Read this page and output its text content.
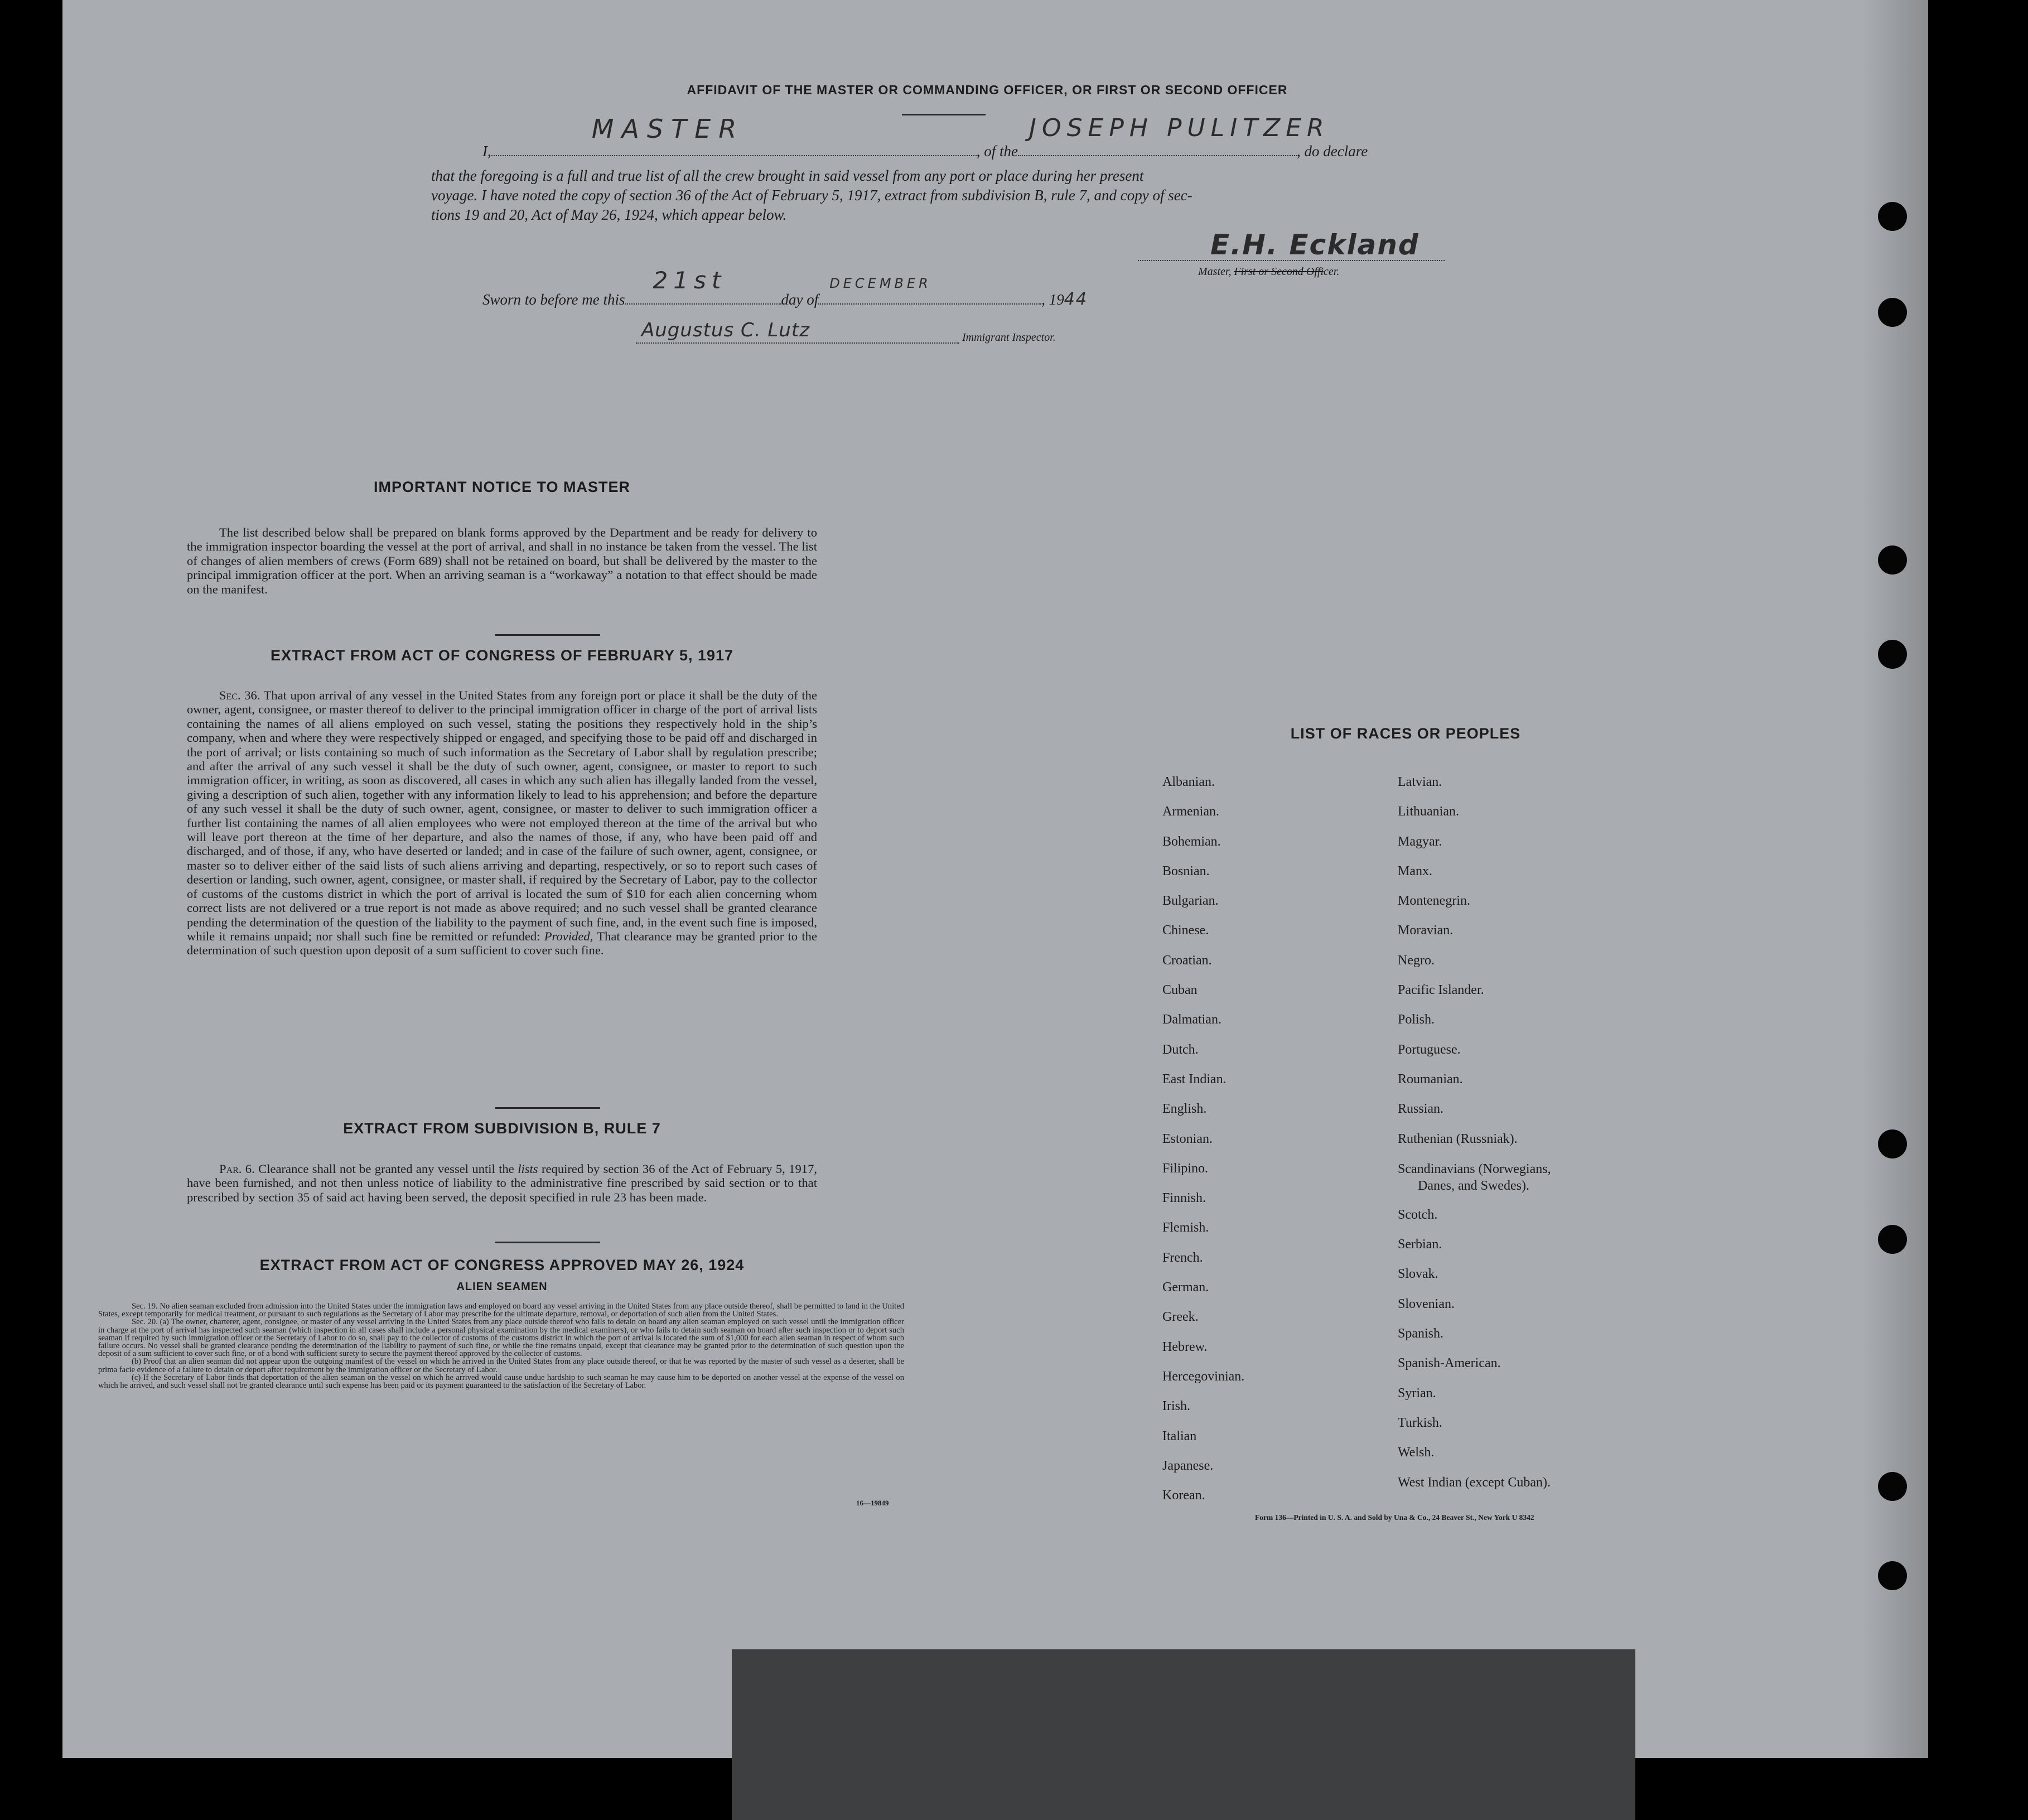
AFFIDAVIT OF THE MASTER OR COMMANDING OFFICER, OR FIRST OR SECOND OFFICER
I,
MASTER
, of the
JOSEPH PULITZER
, do declare
that the foregoing is a full and true list of all the crew brought in said vessel from any port or place during her present
voyage. I have noted the copy of section 36 of the Act of February 5, 1917, extract from subdivision B, rule 7, and copy of sec-
tions 19 and 20, Act of May 26, 1924, which appear below.
E.H. Eckland
Master, First or Second Officer.
Sworn to before me this
21st
day of
DECEMBER
, 1944
Augustus C. Lutz	Immigrant Inspector.
IMPORTANT NOTICE TO MASTER
The list described below shall be prepared on blank forms approved by the Department and be ready for delivery to the immigration inspector boarding the vessel at the port of arrival, and shall in no instance be taken from the vessel. The list of changes of alien members of crews (Form 689) shall not be retained on board, but shall be delivered by the master to the principal immigration officer at the port. When an arriving seaman is a “workaway” a notation to that effect should be made on the manifest.
EXTRACT FROM ACT OF CONGRESS OF FEBRUARY 5, 1917
Sec. 36. That upon arrival of any vessel in the United States from any foreign port or place it shall be the duty of the owner, agent, consignee, or master thereof to deliver to the principal immigration officer in charge of the port of arrival lists containing the names of all aliens employed on such vessel, stating the positions they respectively hold in the ship’s company, when and where they were respectively shipped or engaged, and specifying those to be paid off and discharged in the port of arrival; or lists containing so much of such information as the Secretary of Labor shall by regulation prescribe; and after the arrival of any such vessel it shall be the duty of such owner, agent, consignee, or master to report to such immigration officer, in writing, as soon as discovered, all cases in which any such alien has illegally landed from the vessel, giving a description of such alien, together with any information likely to lead to his apprehension; and before the departure of any such vessel it shall be the duty of such owner, agent, consignee, or master to deliver to such immigration officer a further list containing the names of all alien employees who were not employed thereon at the time of the arrival but who will leave port thereon at the time of her departure, and also the names of those, if any, who have been paid off and discharged, and of those, if any, who have deserted or landed; and in case of the failure of such owner, agent, consignee, or master so to deliver either of the said lists of such aliens arriving and departing, respectively, or so to report such cases of desertion or landing, such owner, agent, consignee, or master shall, if required by the Secretary of Labor, pay to the collector of customs of the customs district in which the port of arrival is located the sum of $10 for each alien concerning whom correct lists are not delivered or a true report is not made as above required; and no such vessel shall be granted clearance pending the determination of the question of the liability to the payment of such fine, and, in the event such fine is imposed, while it remains unpaid; nor shall such fine be remitted or refunded: Provided, That clearance may be granted prior to the determination of such question upon deposit of a sum sufficient to cover such fine.
EXTRACT FROM SUBDIVISION B, RULE 7
Par. 6. Clearance shall not be granted any vessel until the lists required by section 36 of the Act of February 5, 1917, have been furnished, and not then unless notice of liability to the administrative fine prescribed by said section or to that prescribed by section 35 of said act having been served, the deposit specified in rule 23 has been made.
EXTRACT FROM ACT OF CONGRESS APPROVED MAY 26, 1924
ALIEN SEAMEN
Sec. 19. No alien seaman excluded from admission into the United States under the immigration laws and employed on board any vessel arriving in the United States from any place outside thereof, shall be permitted to land in the United States, except temporarily for medical treatment, or pursuant to such regulations as the Secretary of Labor may prescribe for the ultimate departure, removal, or deportation of such alien from the United States.
Sec. 20. (a) The owner, charterer, agent, consignee, or master of any vessel arriving in the United States from any place outside thereof who fails to detain on board any alien seaman employed on such vessel until the immigration officer in charge at the port of arrival has inspected such seaman (which inspection in all cases shall include a personal physical examination by the medical examiners), or who fails to detain such seaman on board after such inspection or to deport such seaman if required by such immigration officer or the Secretary of Labor to do so, shall pay to the collector of customs of the customs district in which the port of arrival is located the sum of $1,000 for each alien seaman in respect of whom such failure occurs. No vessel shall be granted clearance pending the determination of the liability to payment of such fine, or while the fine remains unpaid, except that clearance may be granted prior to the determination of such question upon the deposit of a sum sufficient to cover such fine, or of a bond with sufficient surety to secure the payment thereof approved by the collector of customs.
(b) Proof that an alien seaman did not appear upon the outgoing manifest of the vessel on which he arrived in the United States from any place outside thereof, or that he was reported by the master of such vessel as a deserter, shall be prima facie evidence of a failure to detain or deport after requirement by the immigration officer or the Secretary of Labor.
(c) If the Secretary of Labor finds that deportation of the alien seaman on the vessel on which he arrived would cause undue hardship to such seaman he may cause him to be deported on another vessel at the expense of the vessel on which he arrived, and such vessel shall not be granted clearance until such expense has been paid or its payment guaranteed to the satisfaction of the Secretary of Labor.
16—19849
LIST OF RACES OR PEOPLES
Albanian.
Armenian.
Bohemian.
Bosnian.
Bulgarian.
Chinese.
Croatian.
Cuban
Dalmatian.
Dutch.
East Indian.
English.
Estonian.
Filipino.
Finnish.
Flemish.
French.
German.
Greek.
Hebrew.
Hercegovinian.
Irish.
Italian
Japanese.
Korean.
Latvian.
Lithuanian.
Magyar.
Manx.
Montenegrin.
Moravian.
Negro.
Pacific Islander.
Polish.
Portuguese.
Roumanian.
Russian.
Ruthenian (Russniak).
Scandinavians (Norwegians,
Danes, and Swedes).
Scotch.
Serbian.
Slovak.
Slovenian.
Spanish.
Spanish-American.
Syrian.
Turkish.
Welsh.
West Indian (except Cuban).
Form 136—Printed in U. S. A. and Sold by Una & Co., 24 Beaver St., New York U 8342
